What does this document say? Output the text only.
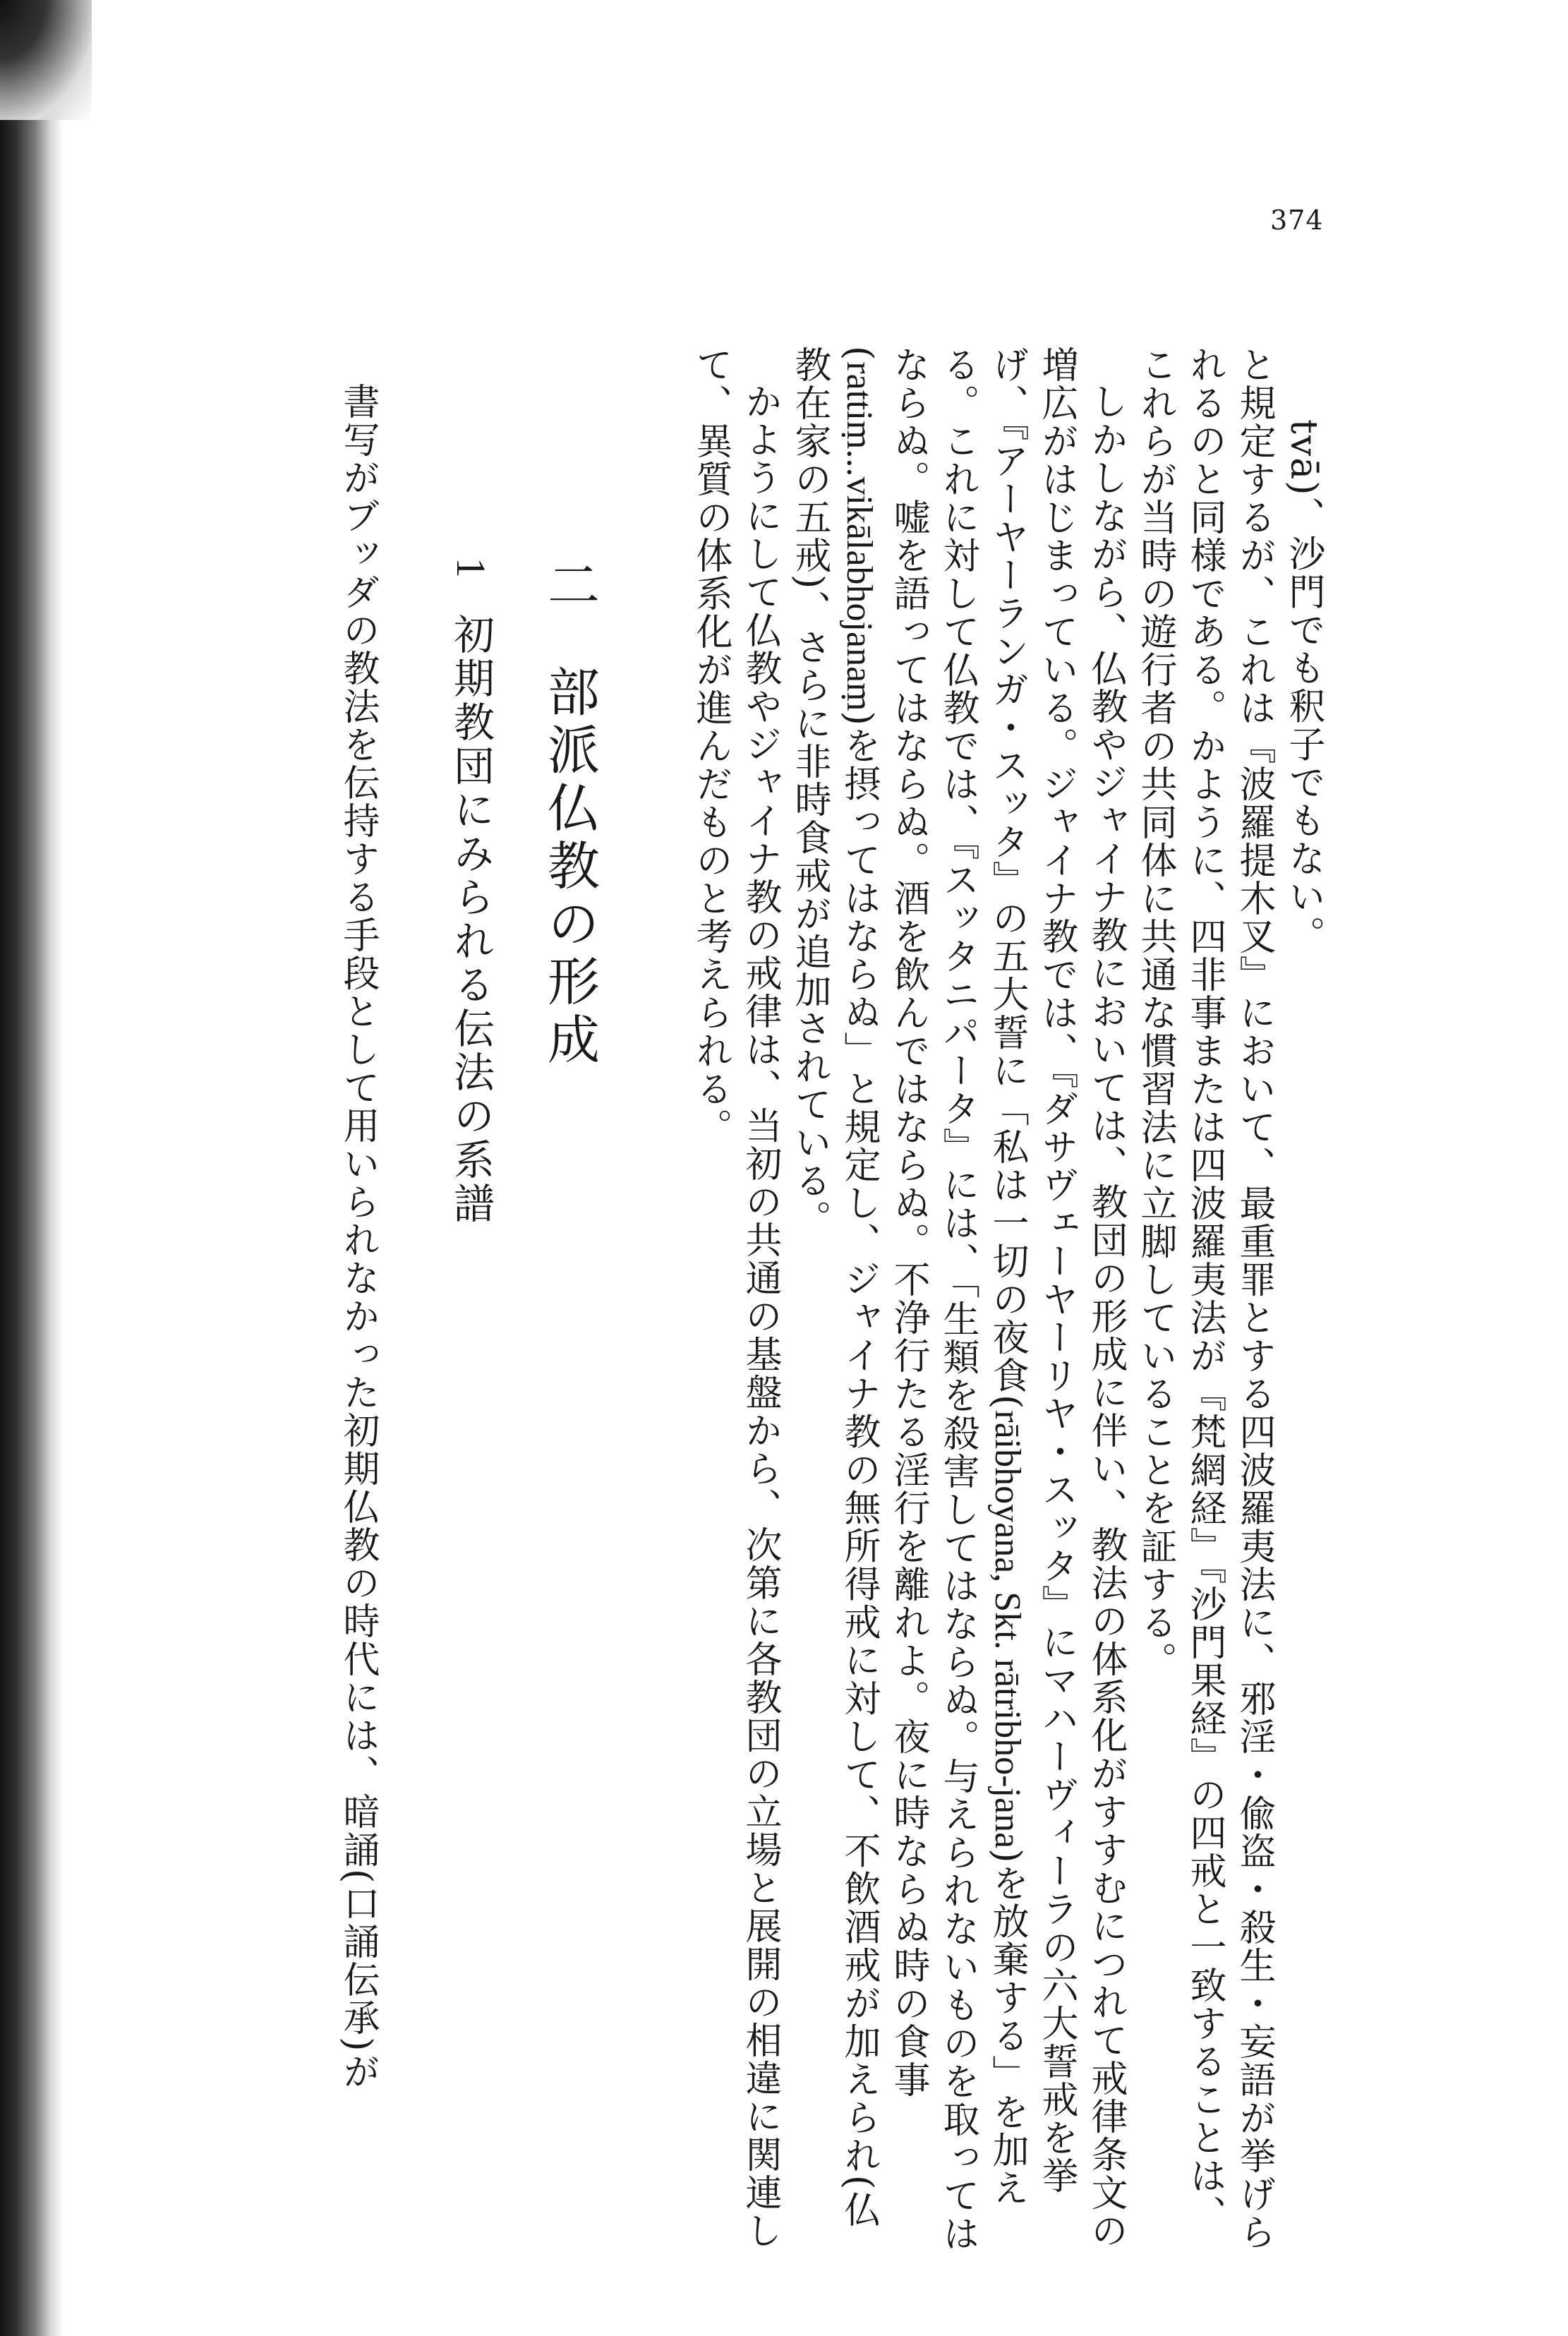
374

tvā)、沙門でも釈子でもない。

と規定するが、これは『波羅提木叉』において、最重罪とする四波羅夷法に、邪淫・偸盗・殺生・妄語が挙げられるのと同様である。かように、四非事または四波羅夷法が『梵網経』『沙門果経』の四戒と一致することは、これらが当時の遊行者の共同体に共通な慣習法に立脚していることを証する。

しかしながら、仏教やジャイナ教においては、教団の形成に伴い、教法の体系化がすすむにつれて戒律条文の増広がはじまっている。ジャイナ教では、『ダサヴェーヤーリヤ・スッタ』にマハーヴィーラの六大誓戒を挙げ、『アーヤーランガ・スッタ』の五大誓に「私は一切の夜食(rāibhoyana, Skt. rātribho-jana)を放棄する」を加える。これに対して仏教では、『スッタニパータ』には、「生類を殺害してはならぬ。与えられないものを取ってはならぬ。嘘を語ってはならぬ。酒を飲んではならぬ。不浄行たる淫行を離れよ。夜に時ならぬ時の食事(rattiṃ...vikālabhojanaṃ)を摂ってはならぬ」と規定し、ジャイナ教の無所得戒に対して、不飲酒戒が加えられ(仏教在家の五戒)、さらに非時食戒が追加されている。

かようにして仏教やジャイナ教の戒律は、当初の共通の基盤から、次第に各教団の立場と展開の相違に関連して、異質の体系化が進んだものと考えられる。

二部派仏教の形成

1初期教団にみられる伝法の系譜

書写がブッダの教法を伝持する手段として用いられなかった初期仏教の時代には、暗誦(口誦伝承)が
